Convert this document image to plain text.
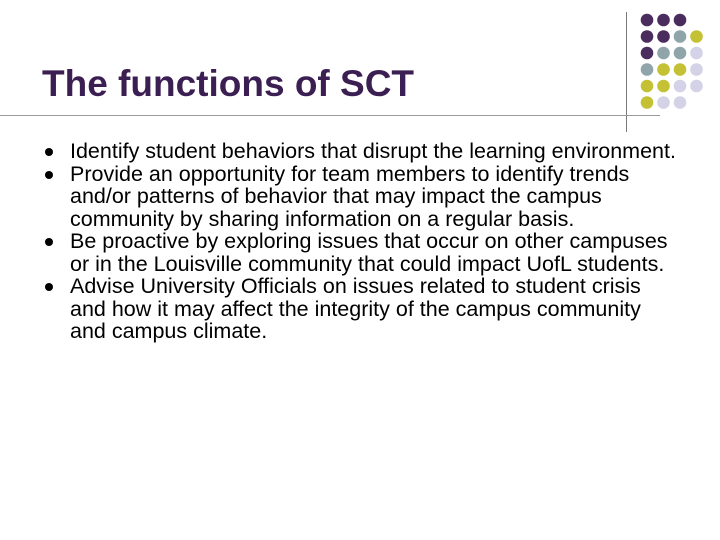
The functions of SCT
Identify student behaviors that disrupt the learning environment.
Provide an opportunity for team members to identify trends and/or patterns of behavior that may impact the campus community by sharing information on a regular basis.
Be proactive by exploring issues that occur on other campuses or in the Louisville community that could impact UofL students.
Advise University Officials on issues related to student crisis and how it may affect the integrity of the campus community and campus climate.
